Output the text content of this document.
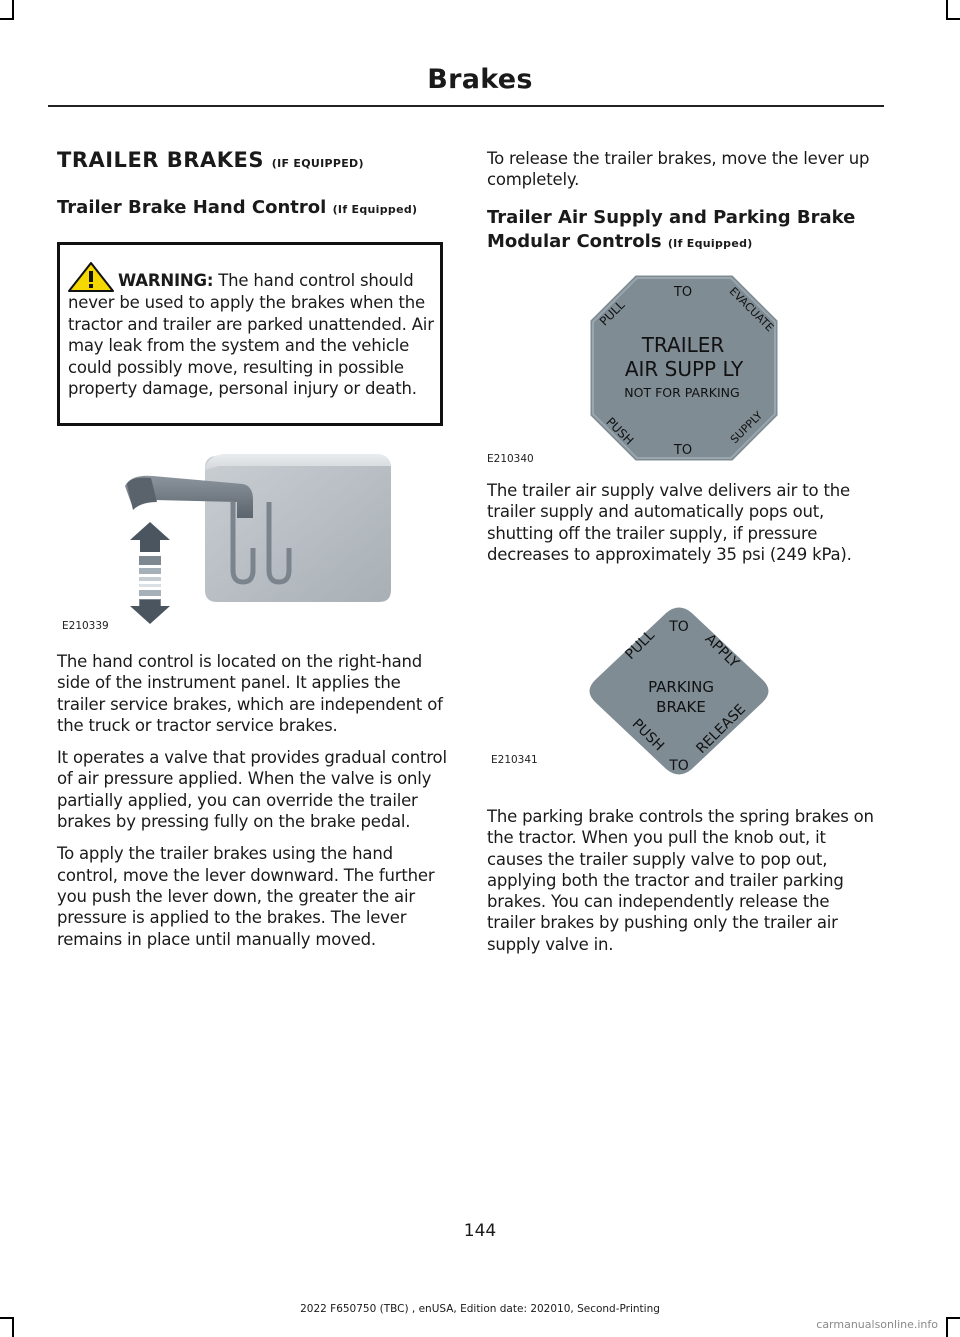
Brakes
TRAILER BRAKES (IF EQUIPPED)
Trailer Brake Hand Control (If Equipped)

WARNING: The hand control should never be used to apply the brakes when the tractor and trailer are parked unattended. Air may leak from the system and the vehicle could possibly move, resulting in possible property damage, personal injury or death.

E210339

The hand control is located on the right-hand side of the instrument panel. It applies the trailer service brakes, which are independent of the truck or tractor service brakes.

It operates a valve that provides gradual control of air pressure applied. When the valve is only partially applied, you can override the trailer brakes by pressing fully on the brake pedal.

To apply the trailer brakes using the hand control, move the lever downward. The further you push the lever down, the greater the air pressure is applied to the brakes. The lever remains in place until manually moved.

To release the trailer brakes, move the lever up completely.

Trailer Air Supply and Parking Brake Modular Controls (If Equipped)
E210340
TO
PULL	EVACUATE
TRAILER
AIR SUPP LY
NOT FOR PARKING
PUSH
TO
SUPPLY

The trailer air supply valve delivers air to the trailer supply and automatically pops out, shutting off the trailer supply, if pressure decreases to approximately 35 psi (249 kPa).

PULL
TO
APPLY
PARKING
BRAKE
PUSH
TO
RELEASE
E210341

The parking brake controls the spring brakes on the tractor. When you pull the knob out, it causes the trailer supply valve to pop out, applying both the tractor and trailer parking brakes. You can independently release the trailer brakes by pushing only the trailer air supply valve in.

144
2022 F650750 (TBC) , enUSA, Edition date: 202010, Second-Printing
carmanualsonline.info
